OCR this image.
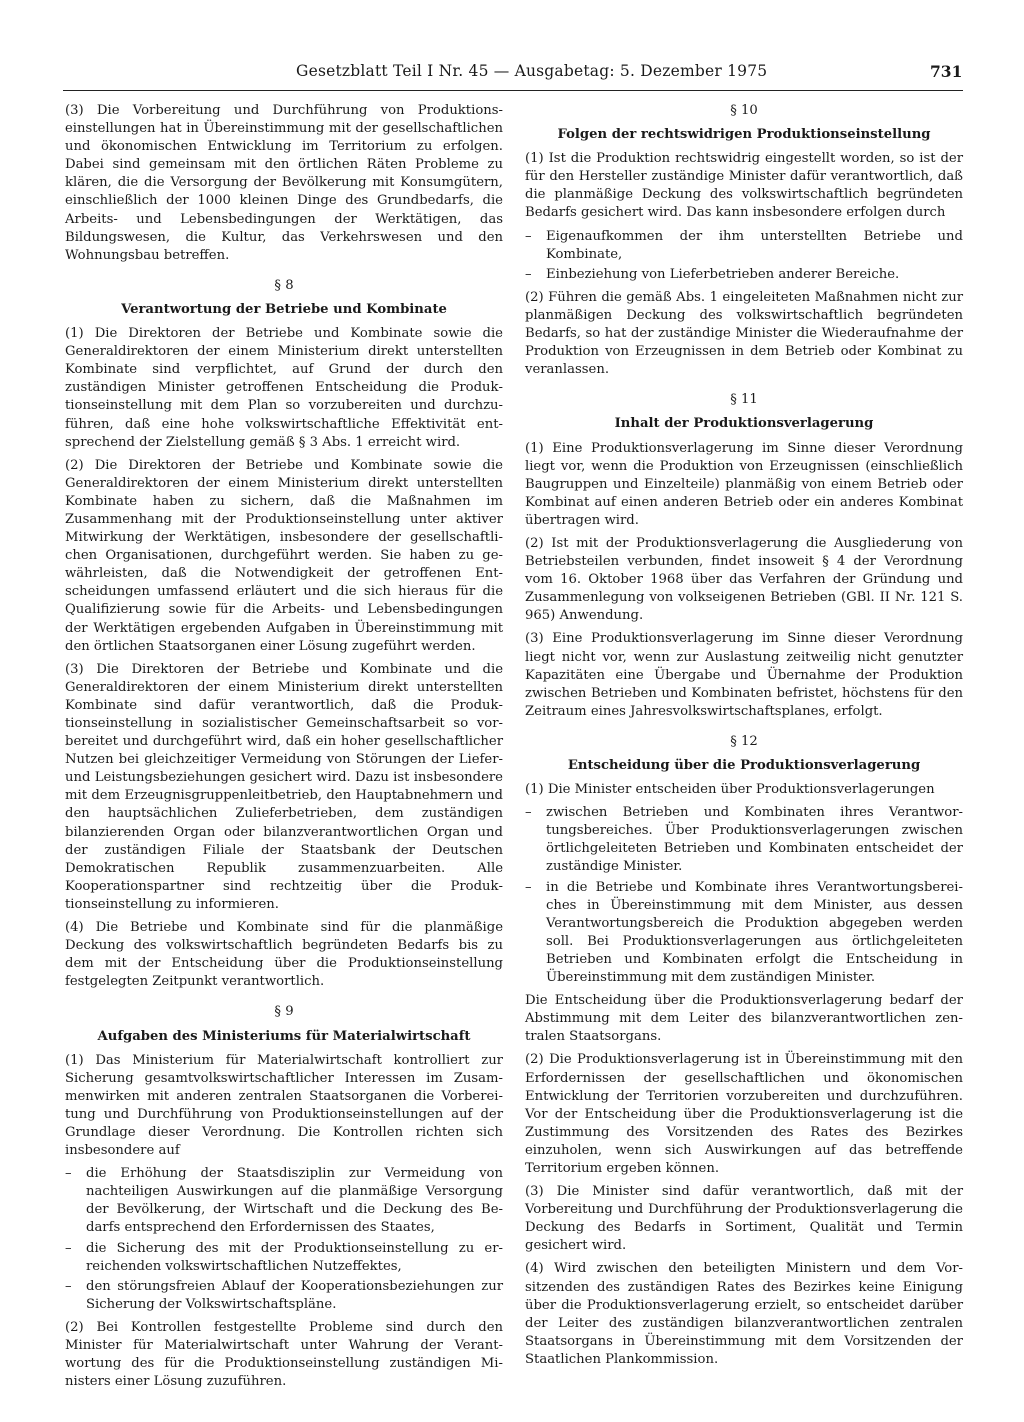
Gesetzblatt Teil I Nr. 45 — Ausgabetag: 5. Dezember 1975	731

(3) Die Vorbereitung und Durchführung von Produktionseinstellungen hat in Übereinstimmung mit der gesellschaftlichen und ökonomischen Entwicklung im Territorium zu erfolgen. Dabei sind gemeinsam mit den örtlichen Räten Probleme zu klären, die die Versorgung der Bevölkerung mit Konsumgütern, einschließlich der 1000 kleinen Dinge des Grundbedarfs, die Arbeits- und Lebensbedingungen der Werktätigen, das Bildungswesen, die Kultur, das Verkehrswesen und den Wohnungsbau betreffen.

§ 8
Verantwortung der Betriebe und Kombinate

(1) Die Direktoren der Betriebe und Kombinate sowie die Generaldirektoren der einem Ministerium direkt unterstellten Kombinate sind verpflichtet, auf Grund der durch den zuständigen Minister getroffenen Entscheidung die Produktionseinstellung mit dem Plan so vorzubereiten und durchzuführen, daß eine hohe volkswirtschaftliche Effektivität entsprechend der Zielstellung gemäß § 3 Abs. 1 erreicht wird.

(2) Die Direktoren der Betriebe und Kombinate sowie die Generaldirektoren der einem Ministerium direkt unterstellten Kombinate haben zu sichern, daß die Maßnahmen im Zusammenhang mit der Produktionseinstellung unter aktiver Mitwirkung der Werktätigen, insbesondere der gesellschaftlichen Organisationen, durchgeführt werden. Sie haben zu gewährleisten, daß die Notwendigkeit der getroffenen Entscheidungen umfassend erläutert und die sich hieraus für die Qualifizierung sowie für die Arbeits- und Lebensbedingungen der Werktätigen ergebenden Aufgaben in Übereinstimmung mit den örtlichen Staatsorganen einer Lösung zugeführt werden.

(3) Die Direktoren der Betriebe und Kombinate und die Generaldirektoren der einem Ministerium direkt unterstellten Kombinate sind dafür verantwortlich, daß die Produktionseinstellung in sozialistischer Gemeinschaftsarbeit so vorbereitet und durchgeführt wird, daß ein hoher gesellschaftlicher Nutzen bei gleichzeitiger Vermeidung von Störungen der Liefer- und Leistungsbeziehungen gesichert wird. Dazu ist insbesondere mit dem Erzeugnisgruppenleitbetrieb, den Hauptabnehmern und den hauptsächlichen Zulieferbetrieben, dem zuständigen bilanzierenden Organ oder bilanzverantwortlichen Organ und der zuständigen Filiale der Staatsbank der Deutschen Demokratischen Republik zusammenzuarbeiten. Alle Kooperationspartner sind rechtzeitig über die Produktionseinstellung zu informieren.

(4) Die Betriebe und Kombinate sind für die planmäßige Deckung des volkswirtschaftlich begründeten Bedarfs bis zu dem mit der Entscheidung über die Produktionseinstellung festgelegten Zeitpunkt verantwortlich.

§ 9
Aufgaben des Ministeriums für Materialwirtschaft

(1) Das Ministerium für Materialwirtschaft kontrolliert zur Sicherung gesamtvolkswirtschaftlicher Interessen im Zusammenwirken mit anderen zentralen Staatsorganen die Vorbereitung und Durchführung von Produktionseinstellungen auf der Grundlage dieser Verordnung. Die Kontrollen richten sich insbesondere auf

– die Erhöhung der Staatsdisziplin zur Vermeidung von nachteiligen Auswirkungen auf die planmäßige Versorgung der Bevölkerung, der Wirtschaft und die Deckung des Bedarfs entsprechend den Erfordernissen des Staates,
– die Sicherung des mit der Produktionseinstellung zu erreichenden volkswirtschaftlichen Nutzeffektes,
– den störungsfreien Ablauf der Kooperationsbeziehungen zur Sicherung der Volkswirtschaftspläne.

(2) Bei Kontrollen festgestellte Probleme sind durch den Minister für Materialwirtschaft unter Wahrung der Verantwortung des für die Produktionseinstellung zuständigen Ministers einer Lösung zuzuführen.

§ 10
Folgen der rechtswidrigen Produktionseinstellung

(1) Ist die Produktion rechtswidrig eingestellt worden, so ist der für den Hersteller zuständige Minister dafür verantwortlich, daß die planmäßige Deckung des volkswirtschaftlich begründeten Bedarfs gesichert wird. Das kann insbesondere erfolgen durch

– Eigenaufkommen der ihm unterstellten Betriebe und Kombinate,
– Einbeziehung von Lieferbetrieben anderer Bereiche.

(2) Führen die gemäß Abs. 1 eingeleiteten Maßnahmen nicht zur planmäßigen Deckung des volkswirtschaftlich begründeten Bedarfs, so hat der zuständige Minister die Wiederaufnahme der Produktion von Erzeugnissen in dem Betrieb oder Kombinat zu veranlassen.

§ 11
Inhalt der Produktionsverlagerung

(1) Eine Produktionsverlagerung im Sinne dieser Verordnung liegt vor, wenn die Produktion von Erzeugnissen (einschließlich Baugruppen und Einzelteile) planmäßig von einem Betrieb oder Kombinat auf einen anderen Betrieb oder ein anderes Kombinat übertragen wird.

(2) Ist mit der Produktionsverlagerung die Ausgliederung von Betriebsteilen verbunden, findet insoweit § 4 der Verordnung vom 16. Oktober 1968 über das Verfahren der Gründung und Zusammenlegung von volkseigenen Betrieben (GBl. II Nr. 121 S. 965) Anwendung.

(3) Eine Produktionsverlagerung im Sinne dieser Verordnung liegt nicht vor, wenn zur Auslastung zeitweilig nicht genutzter Kapazitäten eine Übergabe und Übernahme der Produktion zwischen Betrieben und Kombinaten befristet, höchstens für den Zeitraum eines Jahresvolkswirtschaftsplanes, erfolgt.

§ 12
Entscheidung über die Produktionsverlagerung

(1) Die Minister entscheiden über Produktionsverlagerungen

– zwischen Betrieben und Kombinaten ihres Verantwortungsbereiches. Über Produktionsverlagerungen zwischen örtlichgeleiteten Betrieben und Kombinaten entscheidet der zuständige Minister.
– in die Betriebe und Kombinate ihres Verantwortungsbereiches in Übereinstimmung mit dem Minister, aus dessen Verantwortungsbereich die Produktion abgegeben werden soll. Bei Produktionsverlagerungen aus örtlichgeleiteten Betrieben und Kombinaten erfolgt die Entscheidung in Übereinstimmung mit dem zuständigen Minister.

Die Entscheidung über die Produktionsverlagerung bedarf der Abstimmung mit dem Leiter des bilanzverantwortlichen zentralen Staatsorgans.

(2) Die Produktionsverlagerung ist in Übereinstimmung mit den Erfordernissen der gesellschaftlichen und ökonomischen Entwicklung der Territorien vorzubereiten und durchzuführen. Vor der Entscheidung über die Produktionsverlagerung ist die Zustimmung des Vorsitzenden des Rates des Bezirkes einzuholen, wenn sich Auswirkungen auf das betreffende Territorium ergeben können.

(3) Die Minister sind dafür verantwortlich, daß mit der Vorbereitung und Durchführung der Produktionsverlagerung die Deckung des Bedarfs in Sortiment, Qualität und Termin gesichert wird.

(4) Wird zwischen den beteiligten Ministern und dem Vorsitzenden des zuständigen Rates des Bezirkes keine Einigung über die Produktionsverlagerung erzielt, so entscheidet darüber der Leiter des zuständigen bilanzverantwortlichen zentralen Staatsorgans in Übereinstimmung mit dem Vorsitzenden der Staatlichen Plankommission.
